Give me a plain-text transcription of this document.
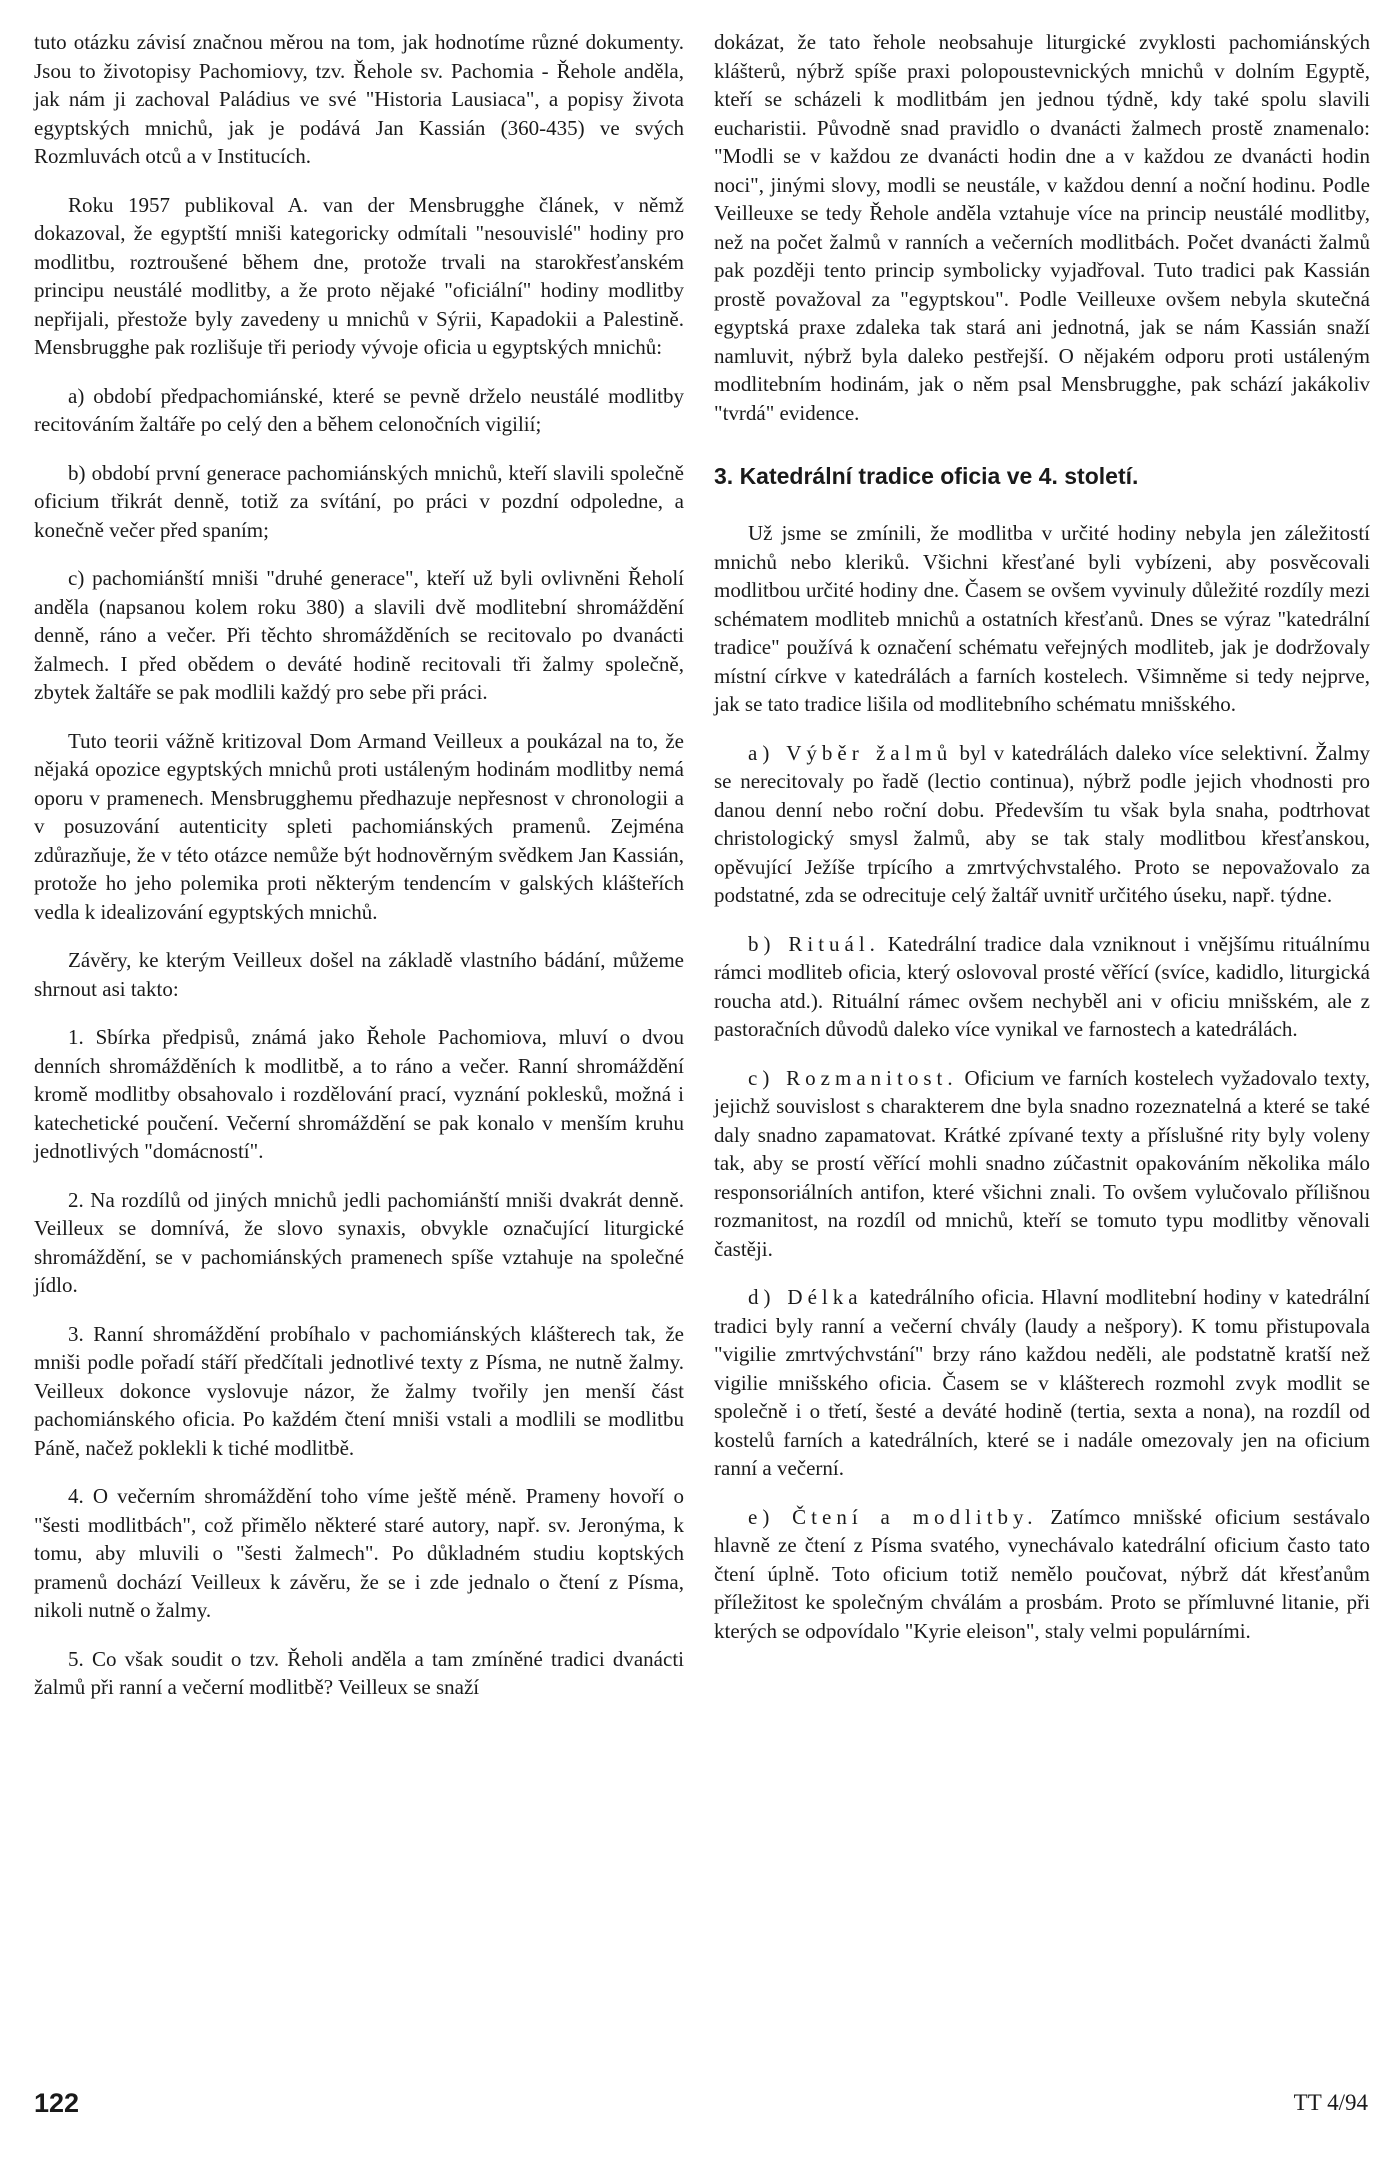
tuto otázku závisí značnou měrou na tom, jak hodnotíme různé dokumenty. Jsou to životopisy Pachomiovy, tzv. Řehole sv. Pachomia - Řehole anděla, jak nám ji zachoval Paládius ve své "Historia Lausiaca", a popisy života egyptských mnichů, jak je podává Jan Kassián (360-435) ve svých Rozmluvách otců a v Institucích.

Roku 1957 publikoval A. van der Mensbrugghe článek, v němž dokazoval, že egyptští mniši kategoricky odmítali "nesouvislé" hodiny pro modlitbu, roztroušené během dne, protože trvali na starokřesťanském principu neustálé modlitby, a že proto nějaké "oficiální" hodiny modlitby nepřijali, přestože byly zavedeny u mnichů v Sýrii, Kapadokii a Palestině. Mensbrugghe pak rozlišuje tři periody vývoje oficia u egyptských mnichů:

a) období předpachomiánské, které se pevně drželo neustálé modlitby recitováním žaltáře po celý den a během celonočních vigilií;

b) období první generace pachomiánských mnichů, kteří slavili společně oficium třikrát denně, totiž za svítání, po práci v pozdní odpoledne, a konečně večer před spaním;

c) pachomiánští mniši "druhé generace", kteří už byli ovlivněni Řeholí anděla (napsanou kolem roku 380) a slavili dvě modlitební shromáždění denně, ráno a večer. Při těchto shromážděních se recitovalo po dvanácti žalmech. I před obědem o deváté hodině recitovali tři žalmy společně, zbytek žaltáře se pak modlili každý pro sebe při práci.

Tuto teorii vážně kritizoval Dom Armand Veilleux a poukázal na to, že nějaká opozice egyptských mnichů proti ustáleným hodinám modlitby nemá oporu v pramenech. Mensbrugghemu předhazuje nepřesnost v chronologii a v posuzování autenticity spleti pachomiánských pramenů. Zejména zdůrazňuje, že v této otázce nemůže být hodnověrným svědkem Jan Kassián, protože ho jeho polemika proti některým tendencím v galských klášteřích vedla k idealizování egyptských mnichů.

Závěry, ke kterým Veilleux došel na základě vlastního bádání, můžeme shrnout asi takto:

1. Sbírka předpisů, známá jako Řehole Pachomiova, mluví o dvou denních shromážděních k modlitbě, a to ráno a večer. Ranní shromáždění kromě modlitby obsahovalo i rozdělování prací, vyznání poklesků, možná i katechetické poučení. Večerní shromáždění se pak konalo v menším kruhu jednotlivých "domácností".

2. Na rozdílů od jiných mnichů jedli pachomiánští mniši dvakrát denně. Veilleux se domnívá, že slovo synaxis, obvykle označující liturgické shromáždění, se v pachomiánských pramenech spíše vztahuje na společné jídlo.

3. Ranní shromáždění probíhalo v pachomiánských klášterech tak, že mniši podle pořadí stáří předčítali jednotlivé texty z Písma, ne nutně žalmy. Veilleux dokonce vyslovuje názor, že žalmy tvořily jen menší část pachomiánského oficia. Po každém čtení mniši vstali a modlili se modlitbu Páně, načež poklekli k tiché modlitbě.

4. O večerním shromáždění toho víme ještě méně. Prameny hovoří o "šesti modlitbách", což přimělo některé staré autory, např. sv. Jeronýma, k tomu, aby mluvili o "šesti žalmech". Po důkladném studiu koptských pramenů dochází Veilleux k závěru, že se i zde jednalo o čtení z Písma, nikoli nutně o žalmy.

5. Co však soudit o tzv. Řeholi anděla a tam zmíněné tradici dvanácti žalmů při ranní a večerní modlitbě? Veilleux se snaží

dokázat, že tato řehole neobsahuje liturgické zvyklosti pachomiánských klášterů, nýbrž spíše praxi polopoustevnických mnichů v dolním Egyptě, kteří se scházeli k modlitbám jen jednou týdně, kdy také spolu slavili eucharistii. Původně snad pravidlo o dvanácti žalmech prostě znamenalo: "Modli se v každou ze dvanácti hodin dne a v každou ze dvanácti hodin noci", jinými slovy, modli se neustále, v každou denní a noční hodinu. Podle Veilleuxe se tedy Řehole anděla vztahuje více na princip neustálé modlitby, než na počet žalmů v ranních a večerních modlitbách. Počet dvanácti žalmů pak později tento princip symbolicky vyjadřoval. Tuto tradici pak Kassián prostě považoval za "egyptskou". Podle Veilleuxe ovšem nebyla skutečná egyptská praxe zdaleka tak stará ani jednotná, jak se nám Kassián snaží namluvit, nýbrž byla daleko pestřejší. O nějakém odporu proti ustáleným modlitebním hodinám, jak o něm psal Mensbrugghe, pak schází jakákoliv "tvrdá" evidence.

3. Katedrální tradice oficia ve 4. století.

Už jsme se zmínili, že modlitba v určité hodiny nebyla jen záležitostí mnichů nebo kleriků. Všichni křesťané byli vybízeni, aby posvěcovali modlitbou určité hodiny dne. Časem se ovšem vyvinuly důležité rozdíly mezi schématem modliteb mnichů a ostatních křesťanů. Dnes se výraz "katedrální tradice" používá k označení schématu veřejných modliteb, jak je dodržovaly místní církve v katedrálách a farních kostelech. Všimněme si tedy nejprve, jak se tato tradice lišila od modlitebního schématu mnišského.

a) Výběr žalmů byl v katedrálách daleko více selektivní. Žalmy se nerecitovaly po řadě (lectio continua), nýbrž podle jejich vhodnosti pro danou denní nebo roční dobu. Především tu však byla snaha, podtrhovat christologický smysl žalmů, aby se tak staly modlitbou křesťanskou, opěvující Ježíše trpícího a zmrtvýchvstalého. Proto se nepovažovalo za podstatné, zda se odrecituje celý žaltář uvnitř určitého úseku, např. týdne.

b) Rituál. Katedrální tradice dala vzniknout i vnějšímu rituálnímu rámci modliteb oficia, který oslovoval prosté věřící (svíce, kadidlo, liturgická roucha atd.). Rituální rámec ovšem nechyběl ani v oficiu mnišském, ale z pastoračních důvodů daleko více vynikal ve farnostech a katedrálách.

c) Rozmanitost. Oficium ve farních kostelech vyžadovalo texty, jejichž souvislost s charakterem dne byla snadno rozeznatelná a které se také daly snadno zapamatovat. Krátké zpívané texty a příslušné rity byly voleny tak, aby se prostí věřící mohli snadno zúčastnit opakováním několika málo responsoriálních antifon, které všichni znali. To ovšem vylučovalo přílišnou rozmanitost, na rozdíl od mnichů, kteří se tomuto typu modlitby věnovali častěji.

d) Délka katedrálního oficia. Hlavní modlitební hodiny v katedrální tradici byly ranní a večerní chvály (laudy a nešpory). K tomu přistupovala "vigilie zmrtvýchvstání" brzy ráno každou neděli, ale podstatně kratší než vigilie mnišského oficia. Časem se v klášterech rozmohl zvyk modlit se společně i o třetí, šesté a deváté hodině (tertia, sexta a nona), na rozdíl od kostelů farních a katedrálních, které se i nadále omezovaly jen na oficium ranní a večerní.

e) Čtení a modlitby. Zatímco mnišské oficium sestávalo hlavně ze čtení z Písma svatého, vynechávalo katedrální oficium často tato čtení úplně. Toto oficium totiž nemělo poučovat, nýbrž dát křesťanům příležitost ke společným chválám a prosbám. Proto se přímluvné litanie, při kterých se odpovídalo "Kyrie eleison", staly velmi populárními.

122	TT 4/94
